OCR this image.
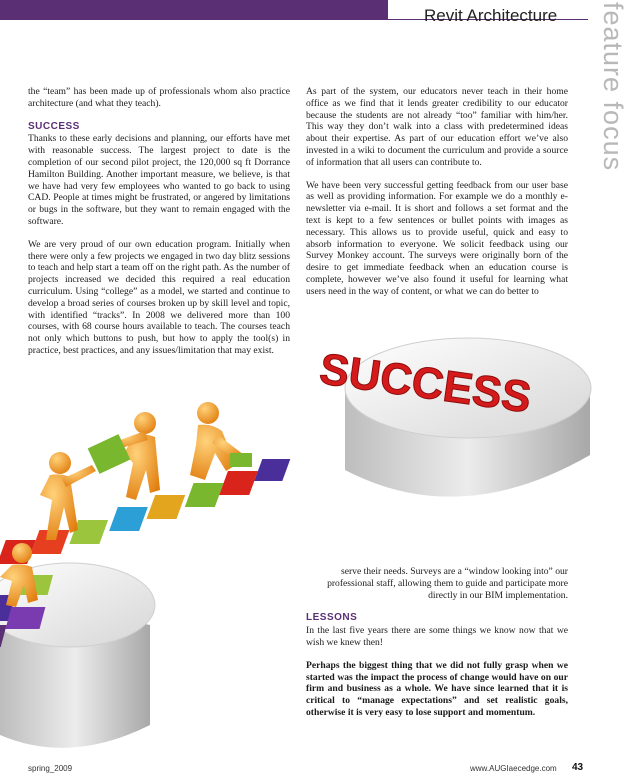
Revit Architecture feature focus

the “team” has been made up of professionals whom also practice architecture (and what they teach).

SUCCESS

Thanks to these early decisions and planning, our efforts have met with reasonable success. The largest project to date is the completion of our second pilot project, the 120,000 sq ft Dorrance Hamilton Building. Another important measure, we believe, is that we have had very few employees who wanted to go back to using CAD. People at times might be frustrated, or angered by limitations or bugs in the software, but they want to remain engaged with the software.

We are very proud of our own education program. Initially when there were only a few projects we engaged in two day blitz sessions to teach and help start a team off on the right path. As the number of projects increased we decided this required a real education curriculum. Using “college” as a model, we started and continue to develop a broad series of courses broken up by skill level and topic, with identified “tracks”. In 2008 we delivered more than 100 courses, with 68 course hours available to teach. The courses teach not only which buttons to push, but how to apply the tool(s) in practice, best practices, and any issues/limitation that may exist.

As part of the system, our educators never teach in their home office as we find that it lends greater credibility to our educator because the students are not already “too” familiar with him/her. This way they don’t walk into a class with predetermined ideas about their expertise. As part of our education effort we’ve also invested in a wiki to document the curriculum and provide a source of information that all users can contribute to.

We have been very successful getting feedback from our user base as well as providing information. For example we do a monthly e-newsletter via e-mail. It is short and follows a set format and the text is kept to a few sentences or bullet points with images as necessary. This allows us to provide useful, quick and easy to absorb information to everyone. We solicit feedback using our Survey Monkey account. The surveys were originally born of the desire to get immediate feedback when an education course is complete, however we’ve also found it useful for learning what users need in the way of content, or what we can do better to

SUCCESS

serve their needs. Surveys are a “window looking into” our professional staff, allowing them to guide and participate more directly in our BIM implementation.

LESSONS

In the last five years there are some things we know now that we wish we knew then!

Perhaps the biggest thing that we did not fully grasp when we started was the impact the process of change would have on our firm and business as a whole. We have since learned that it is critical to “manage expectations” and set realistic goals, otherwise it is very easy to lose support and momentum.

spring_2009	www.AUGIaecedge.com 43
